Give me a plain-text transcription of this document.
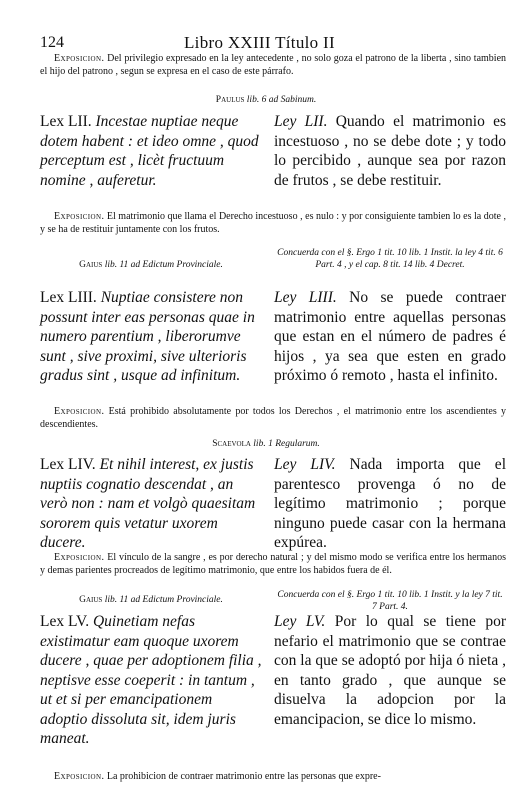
124	Libro XXIII Título II
Exposicion. Del privilegio expresado en la ley antecedente , no solo goza el patrono de la liberta , sino tambien el hijo del patrono , segun se expresa en el caso de este párrafo.
Paulus lib. 6 ad Sabinum.
Lex LII. Incestae nuptiae neque dotem habent : et ideo omne , quod perceptum est , licèt fructuum nomine , auferetur.
Ley LII. Quando el matrimonio es incestuoso , no se debe dote ; y todo lo percibido , aunque sea por razon de frutos , se debe restituir.
Exposicion. El matrimonio que llama el Derecho incestuoso , es nulo : y por consiguiente tambien lo es la dote , y se ha de restituir juntamente con los frutos.
Gaius lib. 11 ad Edictum Provinciale.
Concuerda con el §. Ergo 1 tit. 10 lib. 1 Instit. la ley 4 tit. 6 Part. 4 , y el cap. 8 tit. 14 lib. 4 Decret.
Lex LIII. Nuptiae consistere non possunt inter eas personas quae in numero parentium , liberorumve sunt , sive proximi, sive ulterioris gradus sint , usque ad infinitum.
Ley LIII. No se puede contraer matrimonio entre aquellas personas que estan en el número de padres é hijos , ya sea que esten en grado próximo ó remoto , hasta el infinito.
Exposicion. Está prohibido absolutamente por todos los Derechos , el matrimonio entre los ascendientes y descendientes.
Scaevola lib. 1 Regularum.
Lex LIV. Et nihil interest, ex justis nuptiis cognatio descendat , an verò non : nam et volgò quaesitam sororem quis vetatur uxorem ducere.
Ley LIV. Nada importa que el parentesco provenga ó no de legítimo matrimonio ; porque ninguno puede casar con la hermana expúrea.
Exposicion. El vínculo de la sangre , es por derecho natural ; y del mismo modo se verifica entre los hermanos y demas parientes procreados de legítimo matrimonio, que entre los habidos fuera de él.
Gaius lib. 11 ad Edictum Provinciale.	Concuerda con el §. Ergo 1 tit. 10 lib. 1 Instit. y la ley 7 tit. 7 Part. 4.
Lex LV. Quinetiam nefas existimatur eam quoque uxorem ducere , quae per adoptionem filia , neptisve esse coeperit : in tantum , ut et si per emancipationem adoptio dissoluta sit, idem juris maneat.
Ley LV. Por lo qual se tiene por nefario el matrimonio que se contrae con la que se adoptó por hija ó nieta , en tanto grado , que aunque se disuelva la adopcion por la emancipacion, se dice lo mismo.
Exposicion. La prohibicion de contraer matrimonio entre las personas que expre-
